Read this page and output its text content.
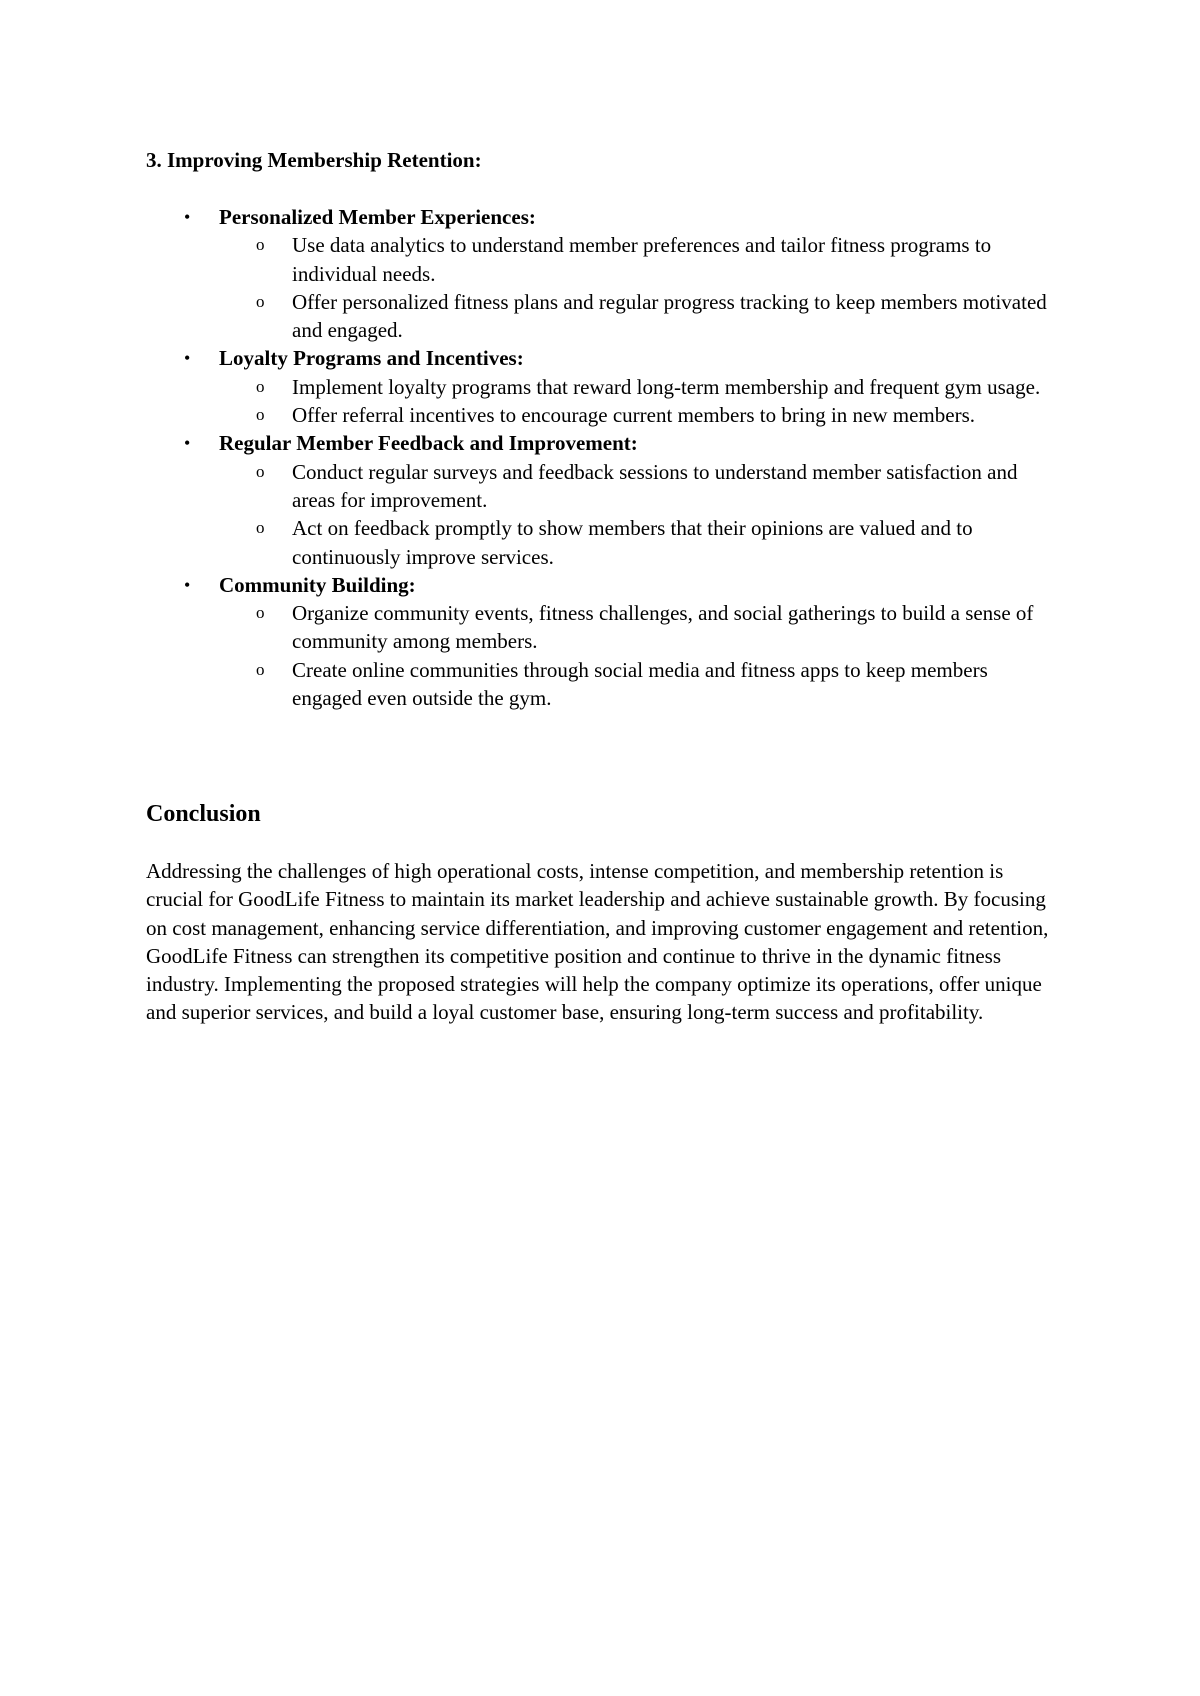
3. Improving Membership Retention:
• Personalized Member Experiences:
o Use data analytics to understand member preferences and tailor fitness programs to individual needs.
o Offer personalized fitness plans and regular progress tracking to keep members motivated and engaged.
• Loyalty Programs and Incentives:
o Implement loyalty programs that reward long-term membership and frequent gym usage.
o Offer referral incentives to encourage current members to bring in new members.
• Regular Member Feedback and Improvement:
o Conduct regular surveys and feedback sessions to understand member satisfaction and areas for improvement.
o Act on feedback promptly to show members that their opinions are valued and to continuously improve services.
• Community Building:
o Organize community events, fitness challenges, and social gatherings to build a sense of community among members.
o Create online communities through social media and fitness apps to keep members engaged even outside the gym.
Conclusion

Addressing the challenges of high operational costs, intense competition, and membership retention is crucial for GoodLife Fitness to maintain its market leadership and achieve sustainable growth. By focusing on cost management, enhancing service differentiation, and improving customer engagement and retention, GoodLife Fitness can strengthen its competitive position and continue to thrive in the dynamic fitness industry. Implementing the proposed strategies will help the company optimize its operations, offer unique and superior services, and build a loyal customer base, ensuring long-term success and profitability.
